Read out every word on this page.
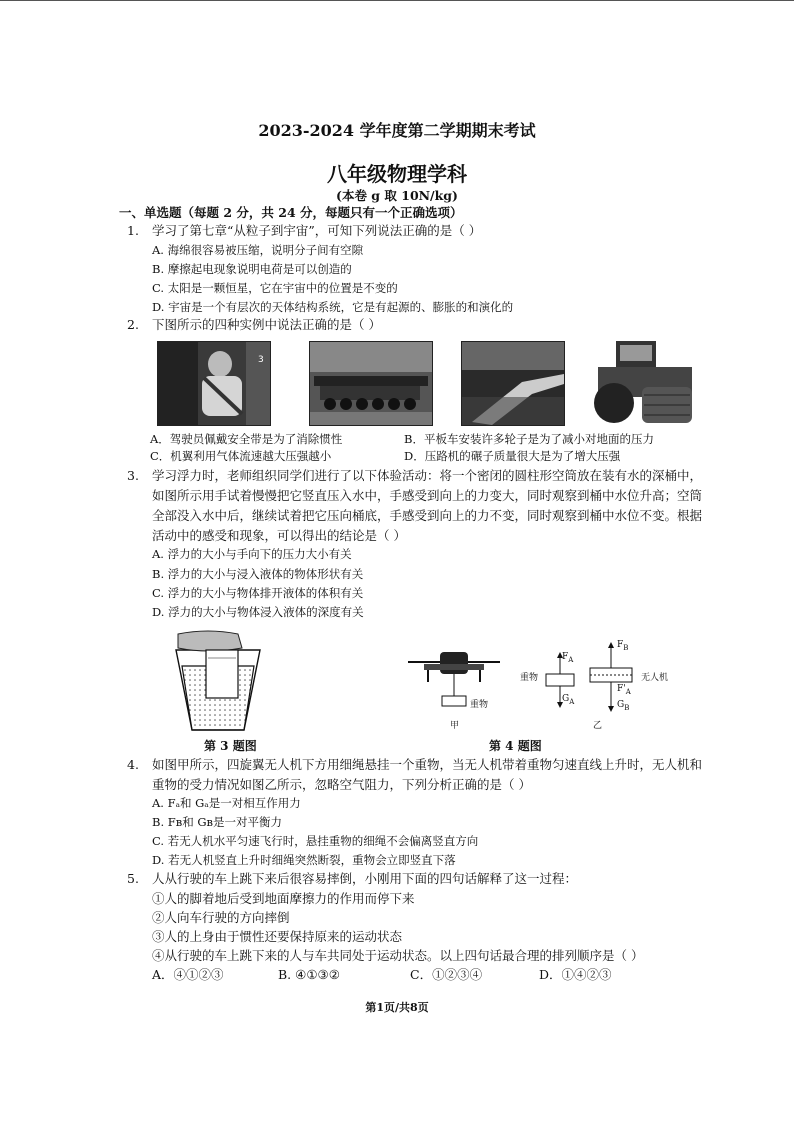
2023-2024 学年度第二学期期末考试
八年级物理学科
(本卷 g 取 10N/kg)
一、单选题（每题 2 分，共 24 分，每题只有一个正确选项）
1. 学习了第七章“从粒子到宇宙”，可知下列说法正确的是（ ）
A. 海绵很容易被压缩，说明分子间有空隙
B. 摩擦起电现象说明电荷是可以创造的
C. 太阳是一颗恒星，它在宇宙中的位置是不变的
D. 宇宙是一个有层次的天体结构系统，它是有起源的、膨胀的和演化的
2. 下图所示的四种实例中说法正确的是（ ）
3
A．驾驶员佩戴安全带是为了消除惯性	B．平板车安装许多轮子是为了减小对地面的压力
C．机翼利用气体流速越大压强越小	D．压路机的碾子质量很大是为了增大压强
3. 学习浮力时，老师组织同学们进行了以下体验活动：将一个密闭的圆柱形空筒放在装有水的深桶中，
如图所示用手试着慢慢把它竖直压入水中，手感受到向上的力变大，同时观察到桶中水位升高；空筒
全部没入水中后，继续试着把它压向桶底，手感受到向上的力不变，同时观察到桶中水位不变。根据
活动中的感受和现象，可以得出的结论是（ ）
A. 浮力的大小与手向下的压力大小有关
B. 浮力的大小与浸入液体的物体形状有关
C. 浮力的大小与物体排开液体的体积有关
D. 浮力的大小与物体浸入液体的深度有关
重物
甲
重物
$F_A$
$G_A$
$F_B$
$F'_A$
$G_B$
无人机
乙
第 3 题图	第 4 题图
4. 如图甲所示，四旋翼无人机下方用细绳悬挂一个重物，当无人机带着重物匀速直线上升时，无人机和
重物的受力情况如图乙所示，忽略空气阻力，下列分析正确的是（ ）
A. Fₐ和 Gₐ是一对相互作用力
B. Fʙ和 Gʙ是一对平衡力
C. 若无人机水平匀速飞行时，悬挂重物的细绳不会偏离竖直方向
D. 若无人机竖直上升时细绳突然断裂，重物会立即竖直下落
5. 人从行驶的车上跳下来后很容易摔倒，小刚用下面的四句话解释了这一过程：
①人的脚着地后受到地面摩擦力的作用而停下来
②人向车行驶的方向摔倒
③人的上身由于惯性还要保持原来的运动状态
④从行驶的车上跳下来的人与车共同处于运动状态。以上四句话最合理的排列顺序是（ ）
A．④①②③	B. ④①③②	C．①②③④	D．①④②③
第1页/共8页
